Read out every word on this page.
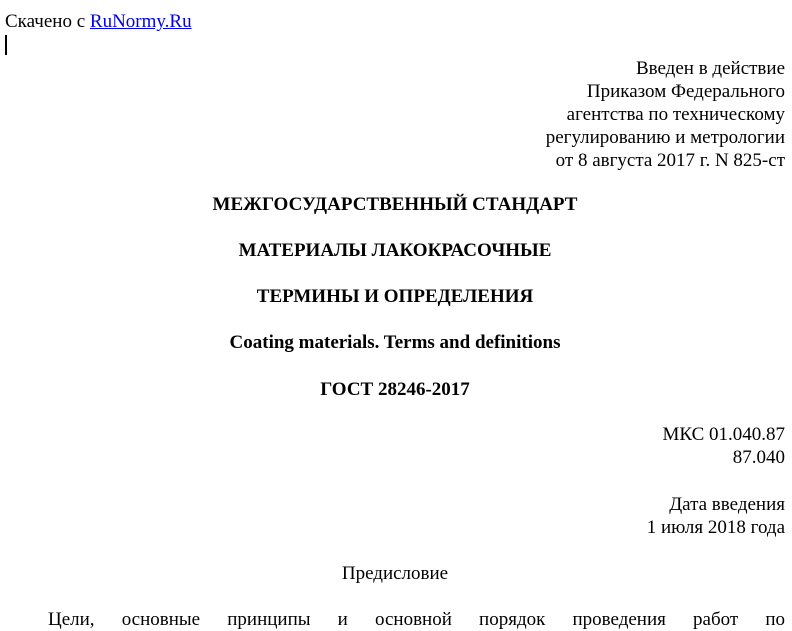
Скачено с RuNormy.Ru
Введен в действие
Приказом Федерального
агентства по техническому
регулированию и метрологии
от 8 августа 2017 г. N 825-ст
МЕЖГОСУДАРСТВЕННЫЙ СТАНДАРТ
МАТЕРИАЛЫ ЛАКОКРАСОЧНЫЕ
ТЕРМИНЫ И ОПРЕДЕЛЕНИЯ
Coating materials. Terms and definitions
ГОСТ 28246-2017
МКС 01.040.87
87.040
Дата введения
1 июля 2018 года
Предисловие
Цели, основные принципы и основной порядок проведения работ по
